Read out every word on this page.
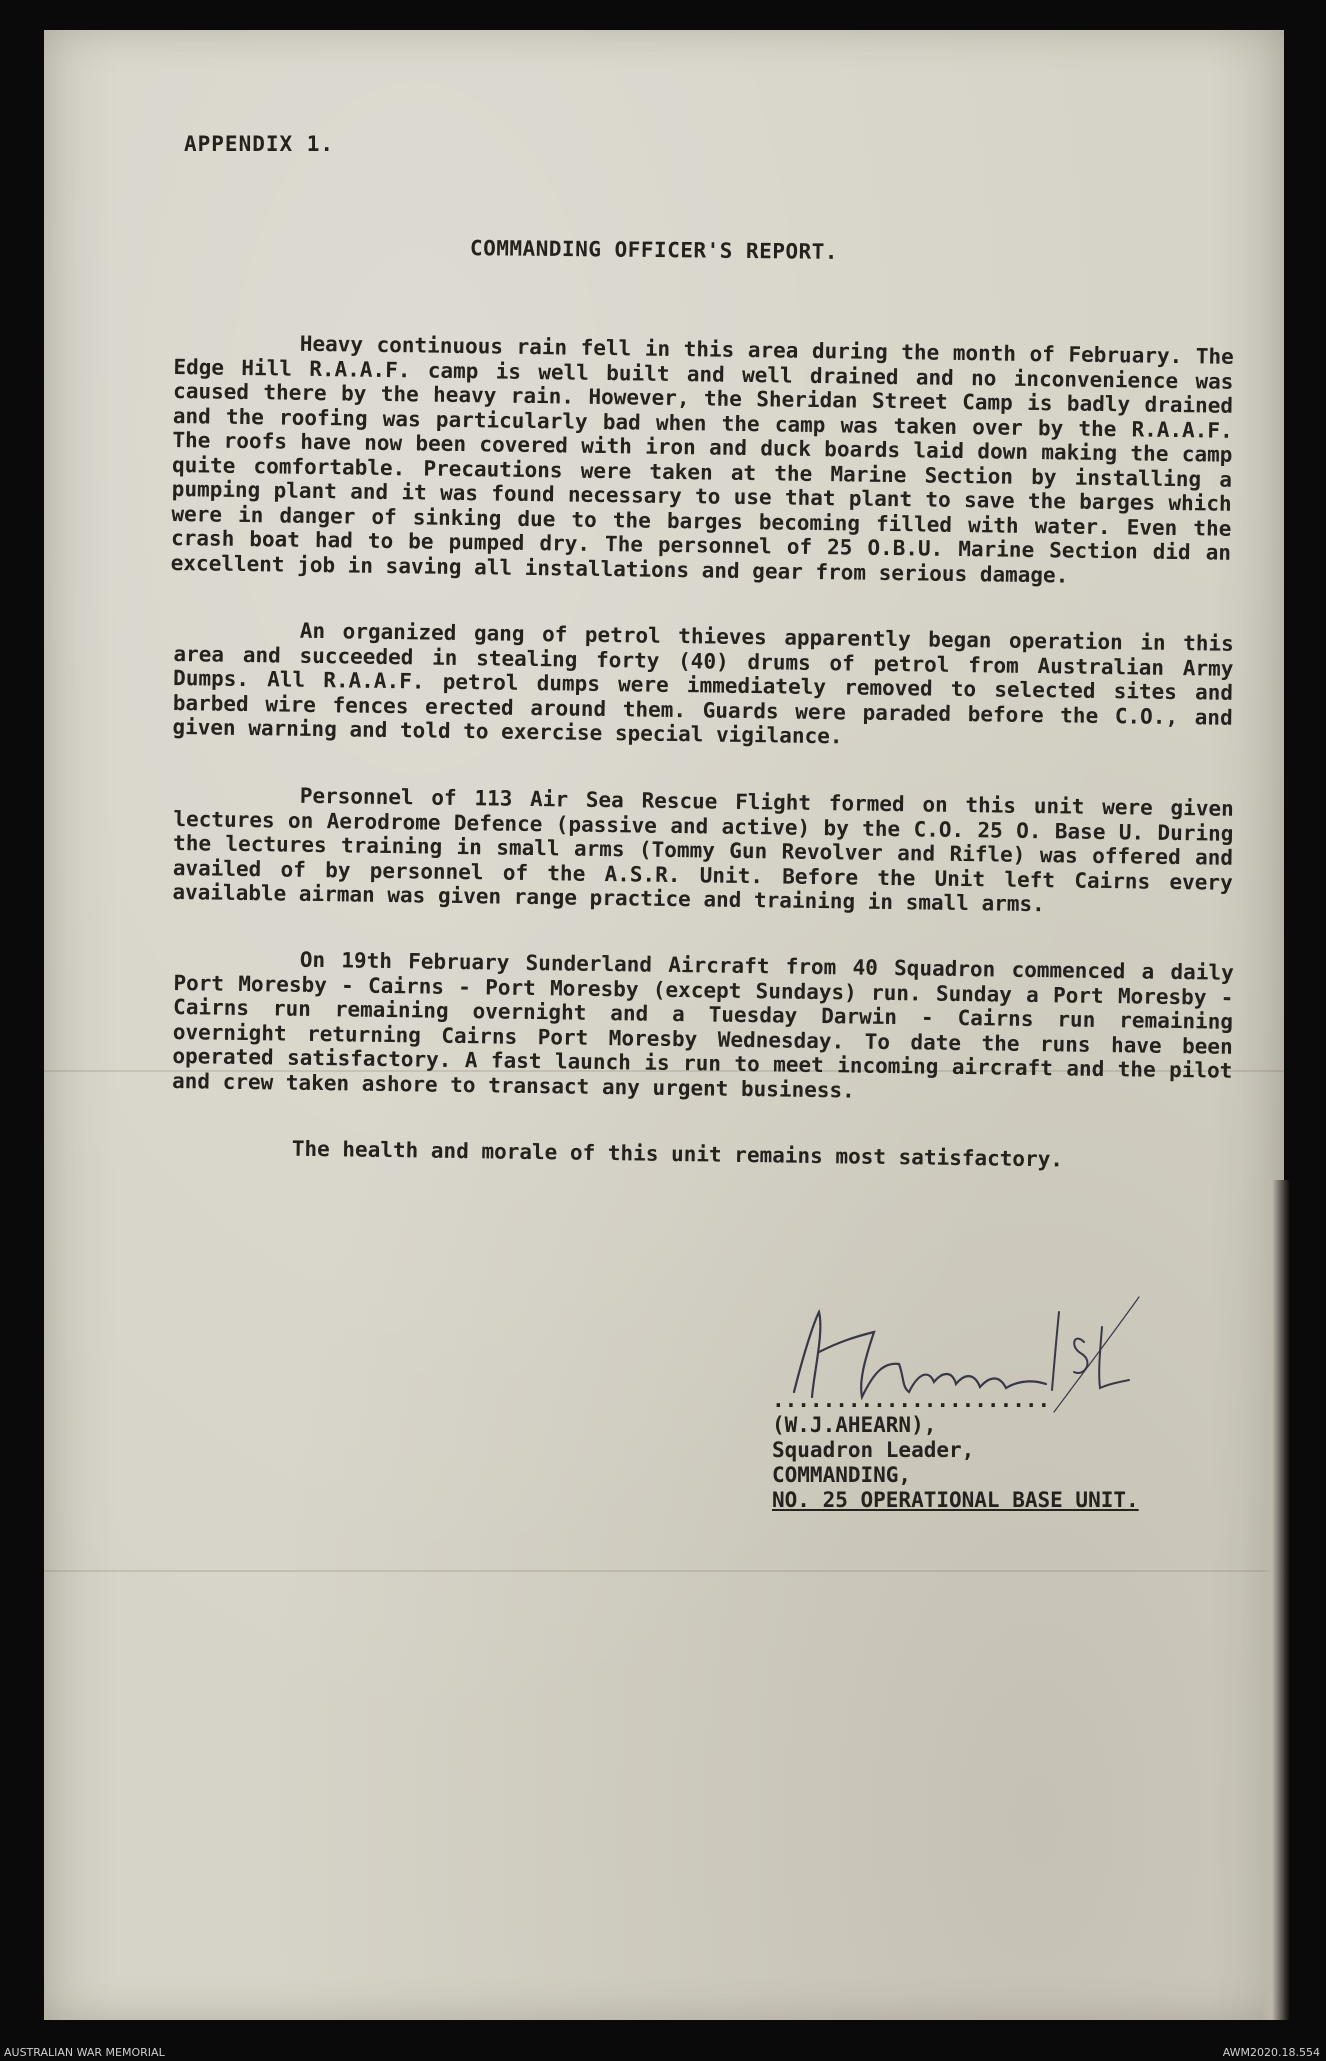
APPENDIX 1.
COMMANDING OFFICER'S REPORT.

Heavy continuous rain fell in this area during the month of February. The Edge Hill R.A.A.F. camp is well built and well drained and no inconvenience was caused there by the heavy rain. However, the Sheridan Street Camp is badly drained and the roofing was particularly bad when the camp was taken over by the R.A.A.F. The roofs have now been covered with iron and duck boards laid down making the camp quite comfortable. Precautions were taken at the Marine Section by installing a pumping plant and it was found necessary to use that plant to save the barges which were in danger of sinking due to the barges becoming filled with water. Even the crash boat had to be pumped dry. The personnel of 25 O.B.U. Marine Section did an excellent job in saving all installations and gear from serious damage.

An organized gang of petrol thieves apparently began operation in this area and succeeded in stealing forty (40) drums of petrol from Australian Army Dumps. All R.A.A.F. petrol dumps were immediately removed to selected sites and barbed wire fences erected around them. Guards were paraded before the C.O., and given warning and told to exercise special vigilance.

Personnel of 113 Air Sea Rescue Flight formed on this unit were given lectures on Aerodrome Defence (passive and active) by the C.O. 25 O. Base U. During the lectures training in small arms (Tommy Gun Revolver and Rifle) was offered and availed of by personnel of the A.S.R. Unit. Before the Unit left Cairns every available airman was given range practice and training in small arms.

On 19th February Sunderland Aircraft from 40 Squadron commenced a daily Port Moresby - Cairns - Port Moresby (except Sundays) run. Sunday a Port Moresby - Cairns run remaining overnight and a Tuesday Darwin - Cairns run remaining overnight returning Cairns Port Moresby Wednesday. To date the runs have been operated satisfactory. A fast launch is run to meet incoming aircraft and the pilot and crew taken ashore to transact any urgent business.

The health and morale of this unit remains most satisfactory.

......................
(W.J.AHEARN),
Squadron Leader,
COMMANDING,
NO. 25 OPERATIONAL BASE UNIT.
AUSTRALIAN WAR MEMORIAL	AWM2020.18.554
